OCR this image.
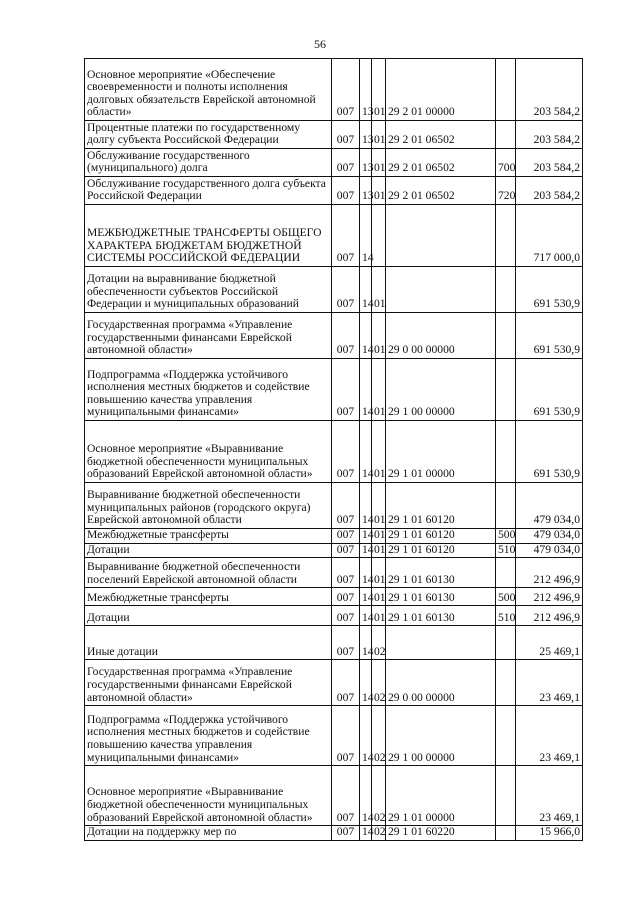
56
Основное мероприятие «Обеспечение своевременности и полноты исполнения долговых обязательств Еврейской автономной области»	007	13	01	29 2 01 00000		203 584,2
Процентные платежи по государственному долгу субъекта Российской Федерации	007	13	01	29 2 01 06502		203 584,2
Обслуживание государственного (муниципального) долга	007	13	01	29 2 01 06502	700	203 584,2
Обслуживание государственного долга субъекта Российской Федерации	007	13	01	29 2 01 06502	720	203 584,2
МЕЖБЮДЖЕТНЫЕ ТРАНСФЕРТЫ ОБЩЕГО ХАРАКТЕРА БЮДЖЕТАМ БЮДЖЕТНОЙ СИСТЕМЫ РОССИЙСКОЙ ФЕДЕРАЦИИ	007	14				717 000,0
Дотации на выравнивание бюджетной обеспеченности субъектов Российской Федерации и муниципальных образований	007	14	01			691 530,9
Государственная программа «Управление государственными финансами Еврейской автономной области»	007	14	01	29 0 00 00000		691 530,9
Подпрограмма «Поддержка устойчивого исполнения местных бюджетов и содействие повышению качества управления муниципальными финансами»	007	14	01	29 1 00 00000		691 530,9
Основное мероприятие «Выравнивание бюджетной обеспеченности муниципальных образований Еврейской автономной области»	007	14	01	29 1 01 00000		691 530,9
Выравнивание бюджетной обеспеченности муниципальных районов (городского округа) Еврейской автономной области	007	14	01	29 1 01 60120		479 034,0
Межбюджетные трансферты	007	14	01	29 1 01 60120	500	479 034,0
Дотации	007	14	01	29 1 01 60120	510	479 034,0
Выравнивание бюджетной обеспеченности поселений Еврейской автономной области	007	14	01	29 1 01 60130		212 496,9
Межбюджетные трансферты	007	14	01	29 1 01 60130	500	212 496,9
Дотации	007	14	01	29 1 01 60130	510	212 496,9
Иные дотации	007	14	02			25 469,1
Государственная программа «Управление государственными финансами Еврейской автономной области»	007	14	02	29 0 00 00000		23 469,1
Подпрограмма «Поддержка устойчивого исполнения местных бюджетов и содействие повышению качества управления муниципальными финансами»	007	14	02	29 1 00 00000		23 469,1
Основное мероприятие «Выравнивание бюджетной обеспеченности муниципальных образований Еврейской автономной области»	007	14	02	29 1 01 00000		23 469,1
Дотации на поддержку мер по	007	14	02	29 1 01 60220		15 966,0
